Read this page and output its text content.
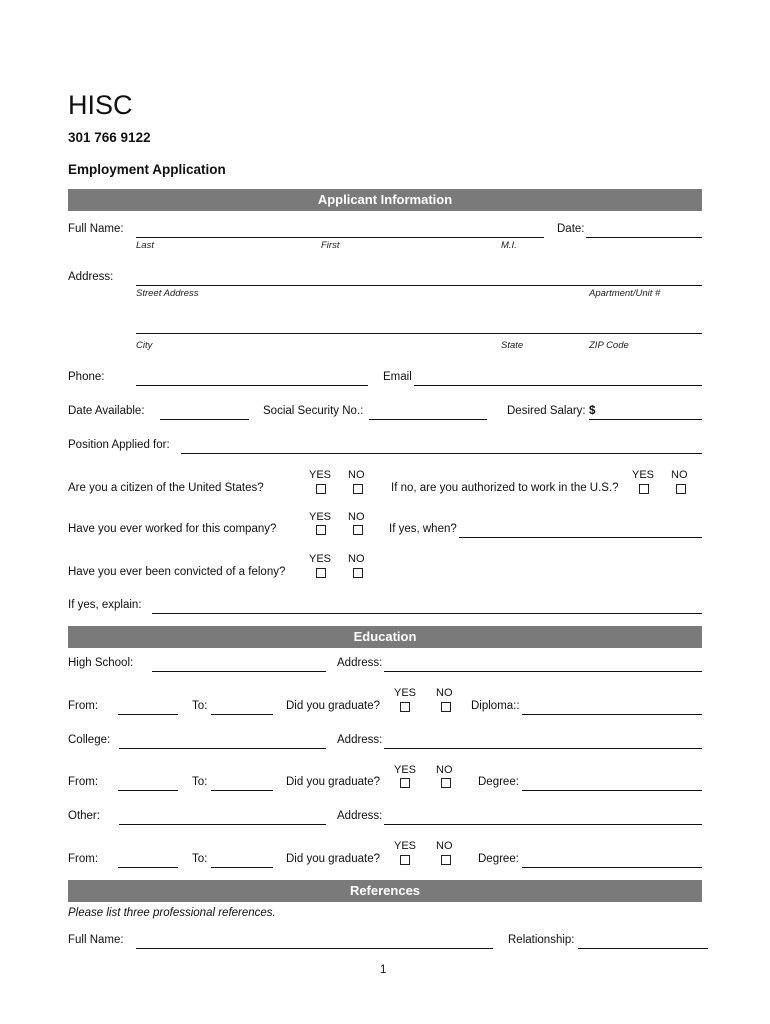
HISC
301 766 9122
Employment Application
Applicant Information
Full Name:	Date:
Last	First	M.I.
Address:
Street Address	Apartment/Unit #
City	State	ZIP Code
Phone:	Email
Date Available:	Social Security No.:	Desired Salary: $
Position Applied for:
YES NO
Are you a citizen of the United States?
YES NO
If no, are you authorized to work in the U.S.?
YES NO
Have you ever worked for this company?	If yes, when?
YES NO
Have you ever been convicted of a felony?
If yes, explain:
Education
High School:	Address:
YES NO
From:	To:	Did you graduate?	Diploma::
College:	Address:
YES NO
From:	To:	Did you graduate?	Degree:
Other:	Address:
YES NO
From:	To:	Did you graduate?	Degree:
References
Please list three professional references.
Full Name:	Relationship:
1
